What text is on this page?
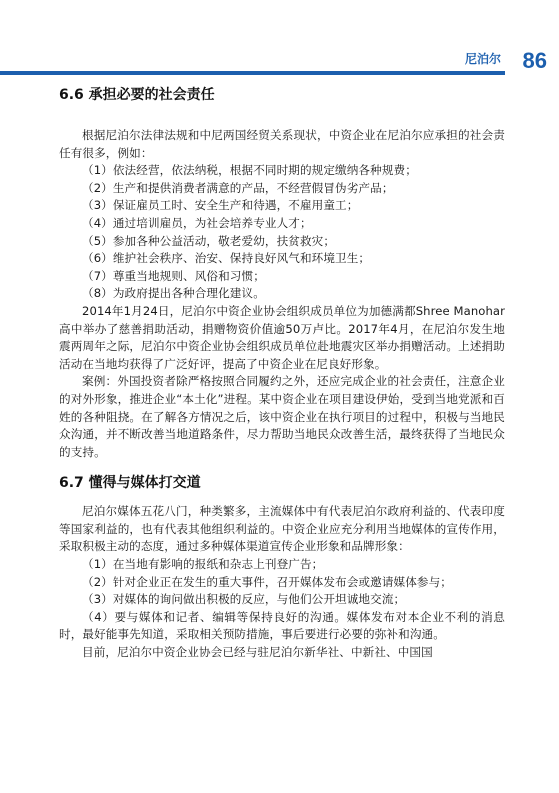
尼泊尔 86
6.6 承担必要的社会责任

根据尼泊尔法律法规和中尼两国经贸关系现状，中资企业在尼泊尔应承担的社会责任有很多，例如：

（1）依法经营，依法纳税，根据不同时期的规定缴纳各种规费；

（2）生产和提供消费者满意的产品，不经营假冒伪劣产品；

（3）保证雇员工时、安全生产和待遇，不雇用童工；

（4）通过培训雇员，为社会培养专业人才；

（5）参加各种公益活动，敬老爱幼，扶贫救灾；

（6）维护社会秩序、治安、保持良好风气和环境卫生；

（7）尊重当地规则、风俗和习惯；

（8）为政府提出各种合理化建议。

2014年1月24日，尼泊尔中资企业协会组织成员单位为加德满都Shree Manohar高中举办了慈善捐助活动，捐赠物资价值逾50万卢比。2017年4月，在尼泊尔发生地震两周年之际，尼泊尔中资企业协会组织成员单位赴地震灾区举办捐赠活动。上述捐助活动在当地均获得了广泛好评，提高了中资企业在尼良好形象。

案例：外国投资者除严格按照合同履约之外，还应完成企业的社会责任，注意企业的对外形象，推进企业“本土化”进程。某中资企业在项目建设伊始，受到当地党派和百姓的各种阻挠。在了解各方情况之后，该中资企业在执行项目的过程中，积极与当地民众沟通，并不断改善当地道路条件，尽力帮助当地民众改善生活，最终获得了当地民众的支持。

6.7 懂得与媒体打交道

尼泊尔媒体五花八门，种类繁多，主流媒体中有代表尼泊尔政府利益的、代表印度等国家利益的，也有代表其他组织利益的。中资企业应充分利用当地媒体的宣传作用，采取积极主动的态度，通过多种媒体渠道宣传企业形象和品牌形象：

（1）在当地有影响的报纸和杂志上刊登广告；

（2）针对企业正在发生的重大事件，召开媒体发布会或邀请媒体参与；

（3）对媒体的询问做出积极的反应，与他们公开坦诚地交流；

（4）要与媒体和记者、编辑等保持良好的沟通。媒体发布对本企业不利的消息时，最好能事先知道，采取相关预防措施，事后要进行必要的弥补和沟通。

目前，尼泊尔中资企业协会已经与驻尼泊尔新华社、中新社、中国国
